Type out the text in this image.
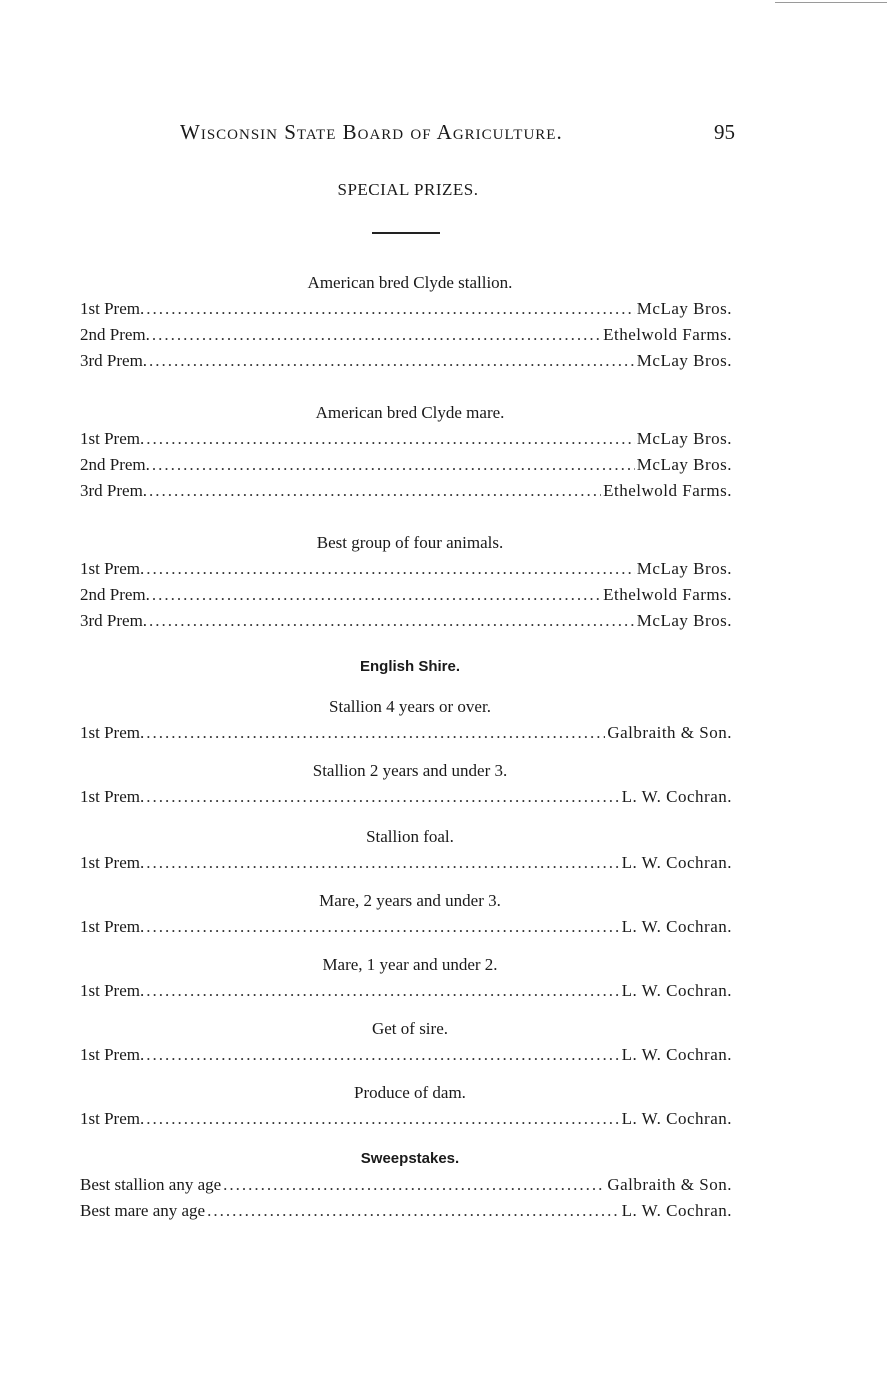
Wisconsin State Board of Agriculture.	95
SPECIAL PRIZES.
American bred Clyde stallion.
1st Prem. .....	McLay Bros.
2nd Prem. .....	Ethelwold Farms.
3rd Prem. .....	McLay Bros.
American bred Clyde mare.
1st Prem. .....	McLay Bros.
2nd Prem. .....	McLay Bros.
3rd Prem. .....	Ethelwold Farms.
Best group of four animals.
1st Prem. .....	McLay Bros.
2nd Prem. .....	Ethelwold Farms.
3rd Prem. .....	McLay Bros.
English Shire.
Stallion 4 years or over.
1st Prem. .....	Galbraith & Son.
Stallion 2 years and under 3.
1st Prem. .....	L. W. Cochran.
Stallion foal.
1st Prem. .....	L. W. Cochran.
Mare, 2 years and under 3.
1st Prem. .....	L. W. Cochran.
Mare, 1 year and under 2.
1st Prem. .....	L. W. Cochran.
Get of sire.
1st Prem. .....	L. W. Cochran.
Produce of dam.
1st Prem. .....	L. W. Cochran.
Sweepstakes.
Best stallion any age .....	Galbraith & Son.
Best mare any age .....	L. W. Cochran.
